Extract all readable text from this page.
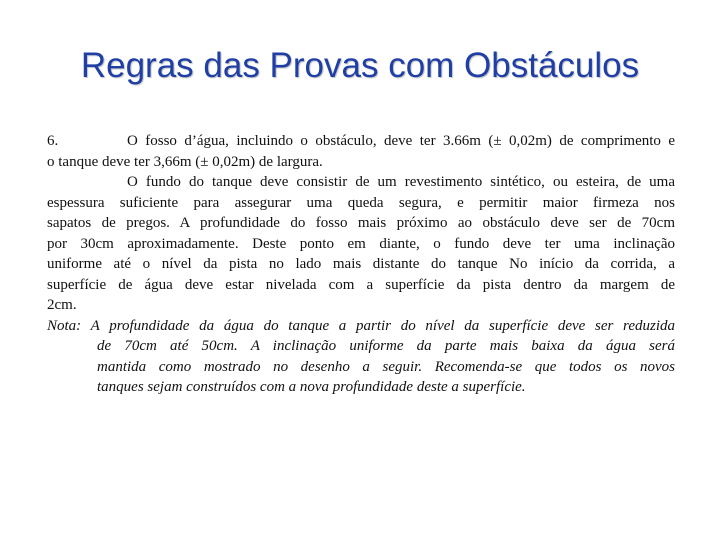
Regras das Provas com Obstáculos
6.	O fosso d’água, incluindo o obstáculo, deve ter 3.66m (± 0,02m) de comprimento e
o tanque deve ter 3,66m (± 0,02m) de largura.
O fundo do tanque deve consistir de um revestimento sintético, ou esteira, de uma
espessura suficiente para assegurar uma queda segura, e permitir maior firmeza nos
sapatos de pregos. A profundidade do fosso mais próximo ao obstáculo deve ser de 70cm
por 30cm aproximadamente. Deste ponto em diante, o fundo deve ter uma inclinação
uniforme até o nível da pista no lado mais distante do tanque No início da corrida, a
superfície de água deve estar nivelada com a superfície da pista dentro da margem de
2cm.
Nota: A profundidade da água do tanque a partir do nível da superfície deve ser reduzida
de 70cm até 50cm. A inclinação uniforme da parte mais baixa da água será
mantida como mostrado no desenho a seguir. Recomenda-se que todos os novos
tanques sejam construídos com a nova profundidade deste a superfície.
